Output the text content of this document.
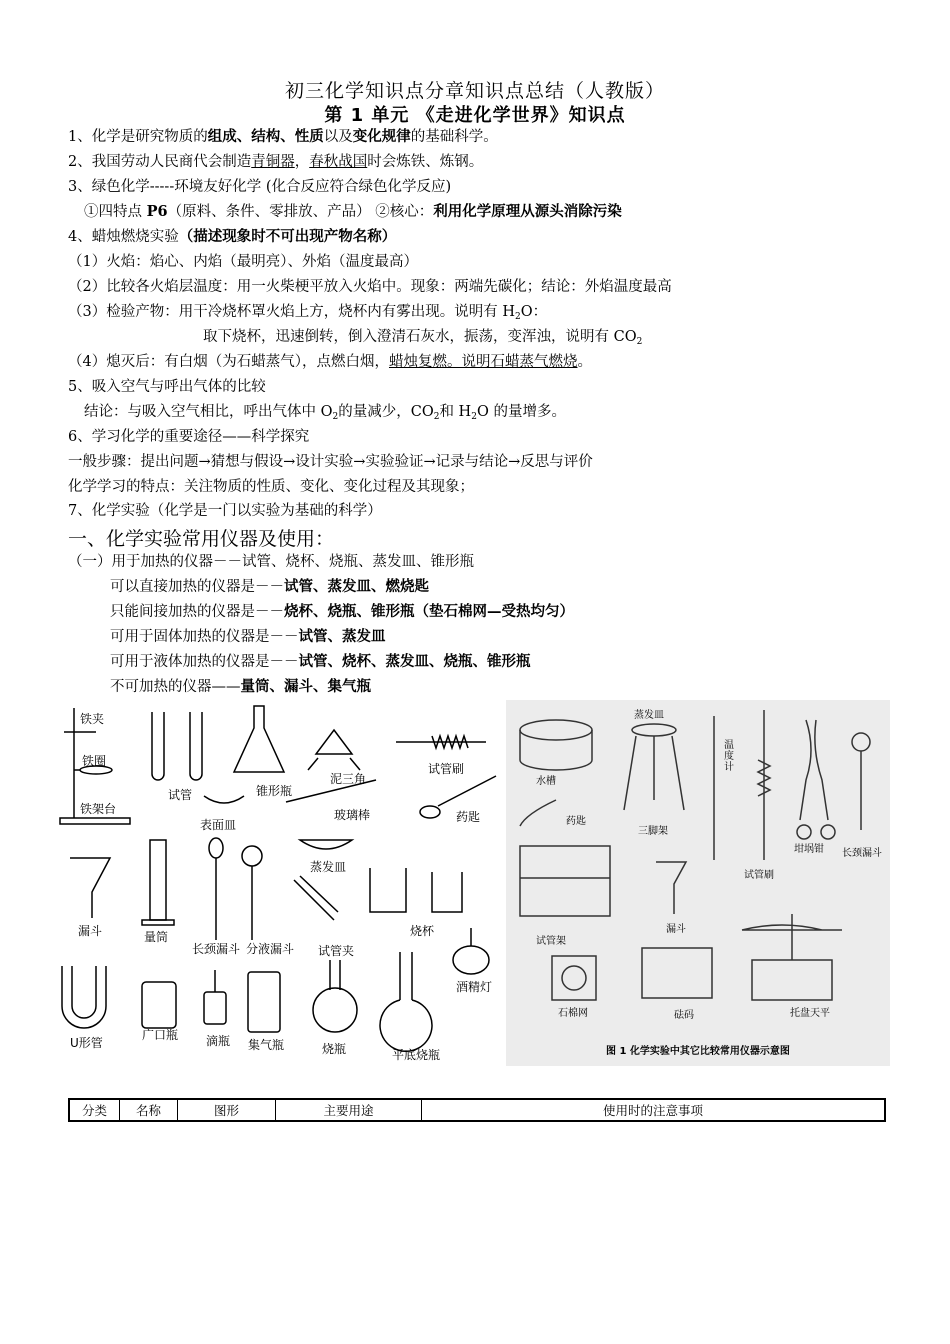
初三化学知识点分章知识点总结（人教版）
第 1 单元 《走进化学世界》知识点
1、化学是研究物质的组成、结构、性质以及变化规律的基础科学。
2、我国劳动人民商代会制造青铜器，春秋战国时会炼铁、炼钢。
3、绿色化学-----环境友好化学 (化合反应符合绿色化学反应)
①四特点 P6（原料、条件、零排放、产品） ②核心：利用化学原理从源头消除污染
4、蜡烛燃烧实验（描述现象时不可出现产物名称）
（1）火焰：焰心、内焰（最明亮）、外焰（温度最高）
（2）比较各火焰层温度：用一火柴梗平放入火焰中。现象：两端先碳化；结论：外焰温度最高
（3）检验产物：用干冷烧杯罩火焰上方，烧杯内有雾出现。说明有 $H_2O$：
取下烧杯，迅速倒转，倒入澄清石灰水，振荡，变浑浊，说明有 $CO_2$
（4）熄灭后：有白烟（为石蜡蒸气），点燃白烟，蜡烛复燃。说明石蜡蒸气燃烧。
5、吸入空气与呼出气体的比较
结论：与吸入空气相比，呼出气体中 $O_2$的量减少，$CO_2$和 $H_2O$ 的量增多。
6、学习化学的重要途径——科学探究
一般步骤：提出问题→猜想与假设→设计实验→实验验证→记录与结论→反思与评价
化学学习的特点：关注物质的性质、变化、变化过程及其现象；
7、化学实验（化学是一门以实验为基础的科学）
一、化学实验常用仪器及使用：
（一）用于加热的仪器－－试管、烧杯、烧瓶、蒸发皿、锥形瓶
可以直接加热的仪器是－－试管、蒸发皿、燃烧匙
只能间接加热的仪器是－－烧杯、烧瓶、锥形瓶（垫石棉网—受热均匀）
可用于固体加热的仪器是－－试管、蒸发皿
可用于液体加热的仪器是－－试管、烧杯、蒸发皿、烧瓶、锥形瓶
不可加热的仪器——量筒、漏斗、集气瓶
铁夹
铁圈
铁架台
试管	锥形瓶
泥三角
试管刷
表面皿
玻璃棒	药匙
蒸发皿
漏斗	量筒
长颈漏斗 分液漏斗 试管夹
烧杯
酒精灯
U形管
广口瓶 滴瓶 集气瓶	烧瓶	平底烧瓶
水槽
蒸发皿
药匙
三脚架
温度计
坩埚钳 长颈漏斗
试管刷
试管架
漏斗
石棉网	砝码	托盘天平
图 1 化学实验中其它比较常用仪器示意图
分类	名称	图形	主要用途	使用时的注意事项
